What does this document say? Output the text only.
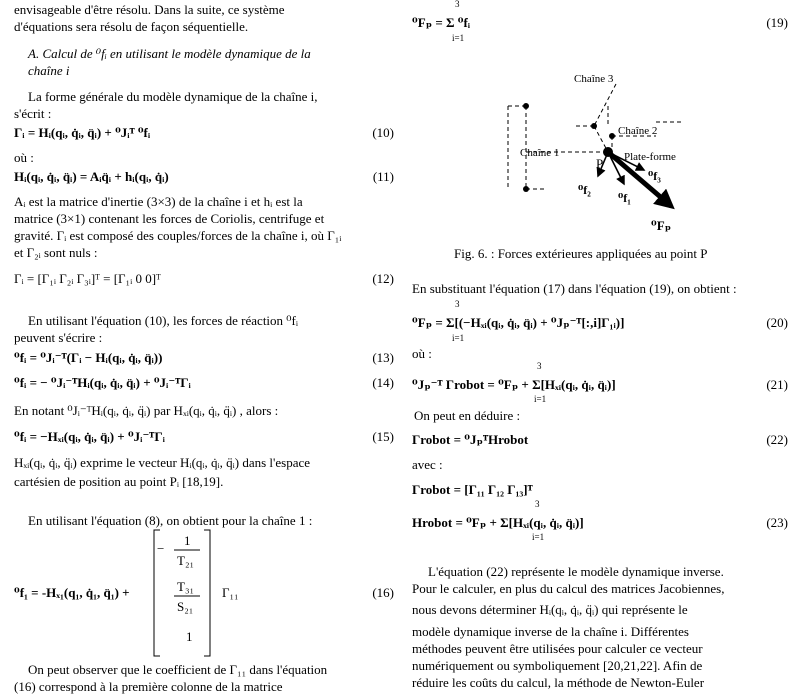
envisageable d'être résolu. Dans la suite, ce système
d'équations sera résolu de façon séquentielle.
A. Calcul de ⁰fᵢ en utilisant le modèle dynamique de la
chaîne i
La forme générale du modèle dynamique de la chaîne i,
s'écrit :
Γᵢ = Hᵢ(qᵢ, q̇ᵢ, q̈ᵢ) + ⁰Jᵢᵀ ⁰fᵢ	(10)
où :
Hᵢ(qᵢ, q̇ᵢ, q̈ᵢ) = Aᵢq̈ᵢ + hᵢ(qᵢ, q̇ᵢ)	(11)
Aᵢ est la matrice d'inertie (3×3) de la chaîne i et hᵢ est la
matrice (3×1) contenant les forces de Coriolis, centrifuge et
gravité. Γᵢ est composé des couples/forces de la chaîne i, où Γ₁ᵢ
et Γ₂ᵢ sont nuls :
Γᵢ = [Γ₁ᵢ Γ₂ᵢ Γ₃ᵢ]ᵀ = [Γ₁ᵢ 0 0]ᵀ	(12)
En utilisant l'équation (10), les forces de réaction ⁰fᵢ
peuvent s'écrire :
⁰fᵢ = ⁰Jᵢ⁻ᵀ(Γᵢ − Hᵢ(qᵢ, q̇ᵢ, q̈ᵢ))	(13)
⁰fᵢ = − ⁰Jᵢ⁻ᵀHᵢ(qᵢ, q̇ᵢ, q̈ᵢ) + ⁰Jᵢ⁻ᵀΓᵢ	(14)
En notant ⁰Jᵢ⁻ᵀHᵢ(qᵢ, q̇ᵢ, q̈ᵢ) par Hₓᵢ(qᵢ, q̇ᵢ, q̈ᵢ) , alors :
⁰fᵢ = −Hₓᵢ(qᵢ, q̇ᵢ, q̈ᵢ) + ⁰Jᵢ⁻ᵀΓᵢ	(15)
Hₓᵢ(qᵢ, q̇ᵢ, q̈ᵢ) exprime le vecteur Hᵢ(qᵢ, q̇ᵢ, q̈ᵢ) dans l'espace
cartésien de position au point Pᵢ [18,19].
En utilisant l'équation (8), on obtient pour la chaîne 1 :
⁰f₁ = -Hₓ₁(q₁, q̇₁, q̈₁) +
−
1
T₂₁
T₃₁
S₂₁
1
Γ₁₁	(16)
On peut observer que le coefficient de Γ₁₁ dans l'équation
(16) correspond à la première colonne de la matrice
⁰Fₚ = Σ ⁰fᵢ	(19)
3
i=1
Chaîne 3
Chaîne 2
Chaîne 1	Plate-forme
P
⁰f₂
⁰f₁
⁰f₃
⁰Fₚ
Fig. 6. : Forces extérieures appliquées au point P
En substituant l'équation (17) dans l'équation (19), on obtient :
⁰Fₚ = Σ[(−Hₓᵢ(qᵢ, q̇ᵢ, q̈ᵢ) + ⁰Jₚ⁻ᵀ[:,i]Γ₁ᵢ)]	(20)
3
i=1
où :
⁰Jₚ⁻ᵀ Γrobot = ⁰Fₚ + Σ[Hₓᵢ(qᵢ, q̇ᵢ, q̈ᵢ)]	(21)
3
i=1
On peut en déduire :
Γrobot = ⁰JₚᵀHrobot	(22)
avec :
Γrobot = [Γ₁₁ Γ₁₂ Γ₁₃]ᵀ
Hrobot = ⁰Fₚ + Σ[Hₓᵢ(qᵢ, q̇ᵢ, q̈ᵢ)]	(23)
3
i=1
L'équation (22) représente le modèle dynamique inverse.
Pour le calculer, en plus du calcul des matrices Jacobiennes,
nous devons déterminer Hᵢ(qᵢ, q̇ᵢ, q̈ᵢ) qui représente le
modèle dynamique inverse de la chaîne i. Différentes
méthodes peuvent être utilisées pour calculer ce vecteur
numériquement ou symboliquement [20,21,22]. Afin de
réduire les coûts du calcul, la méthode de Newton-Euler
